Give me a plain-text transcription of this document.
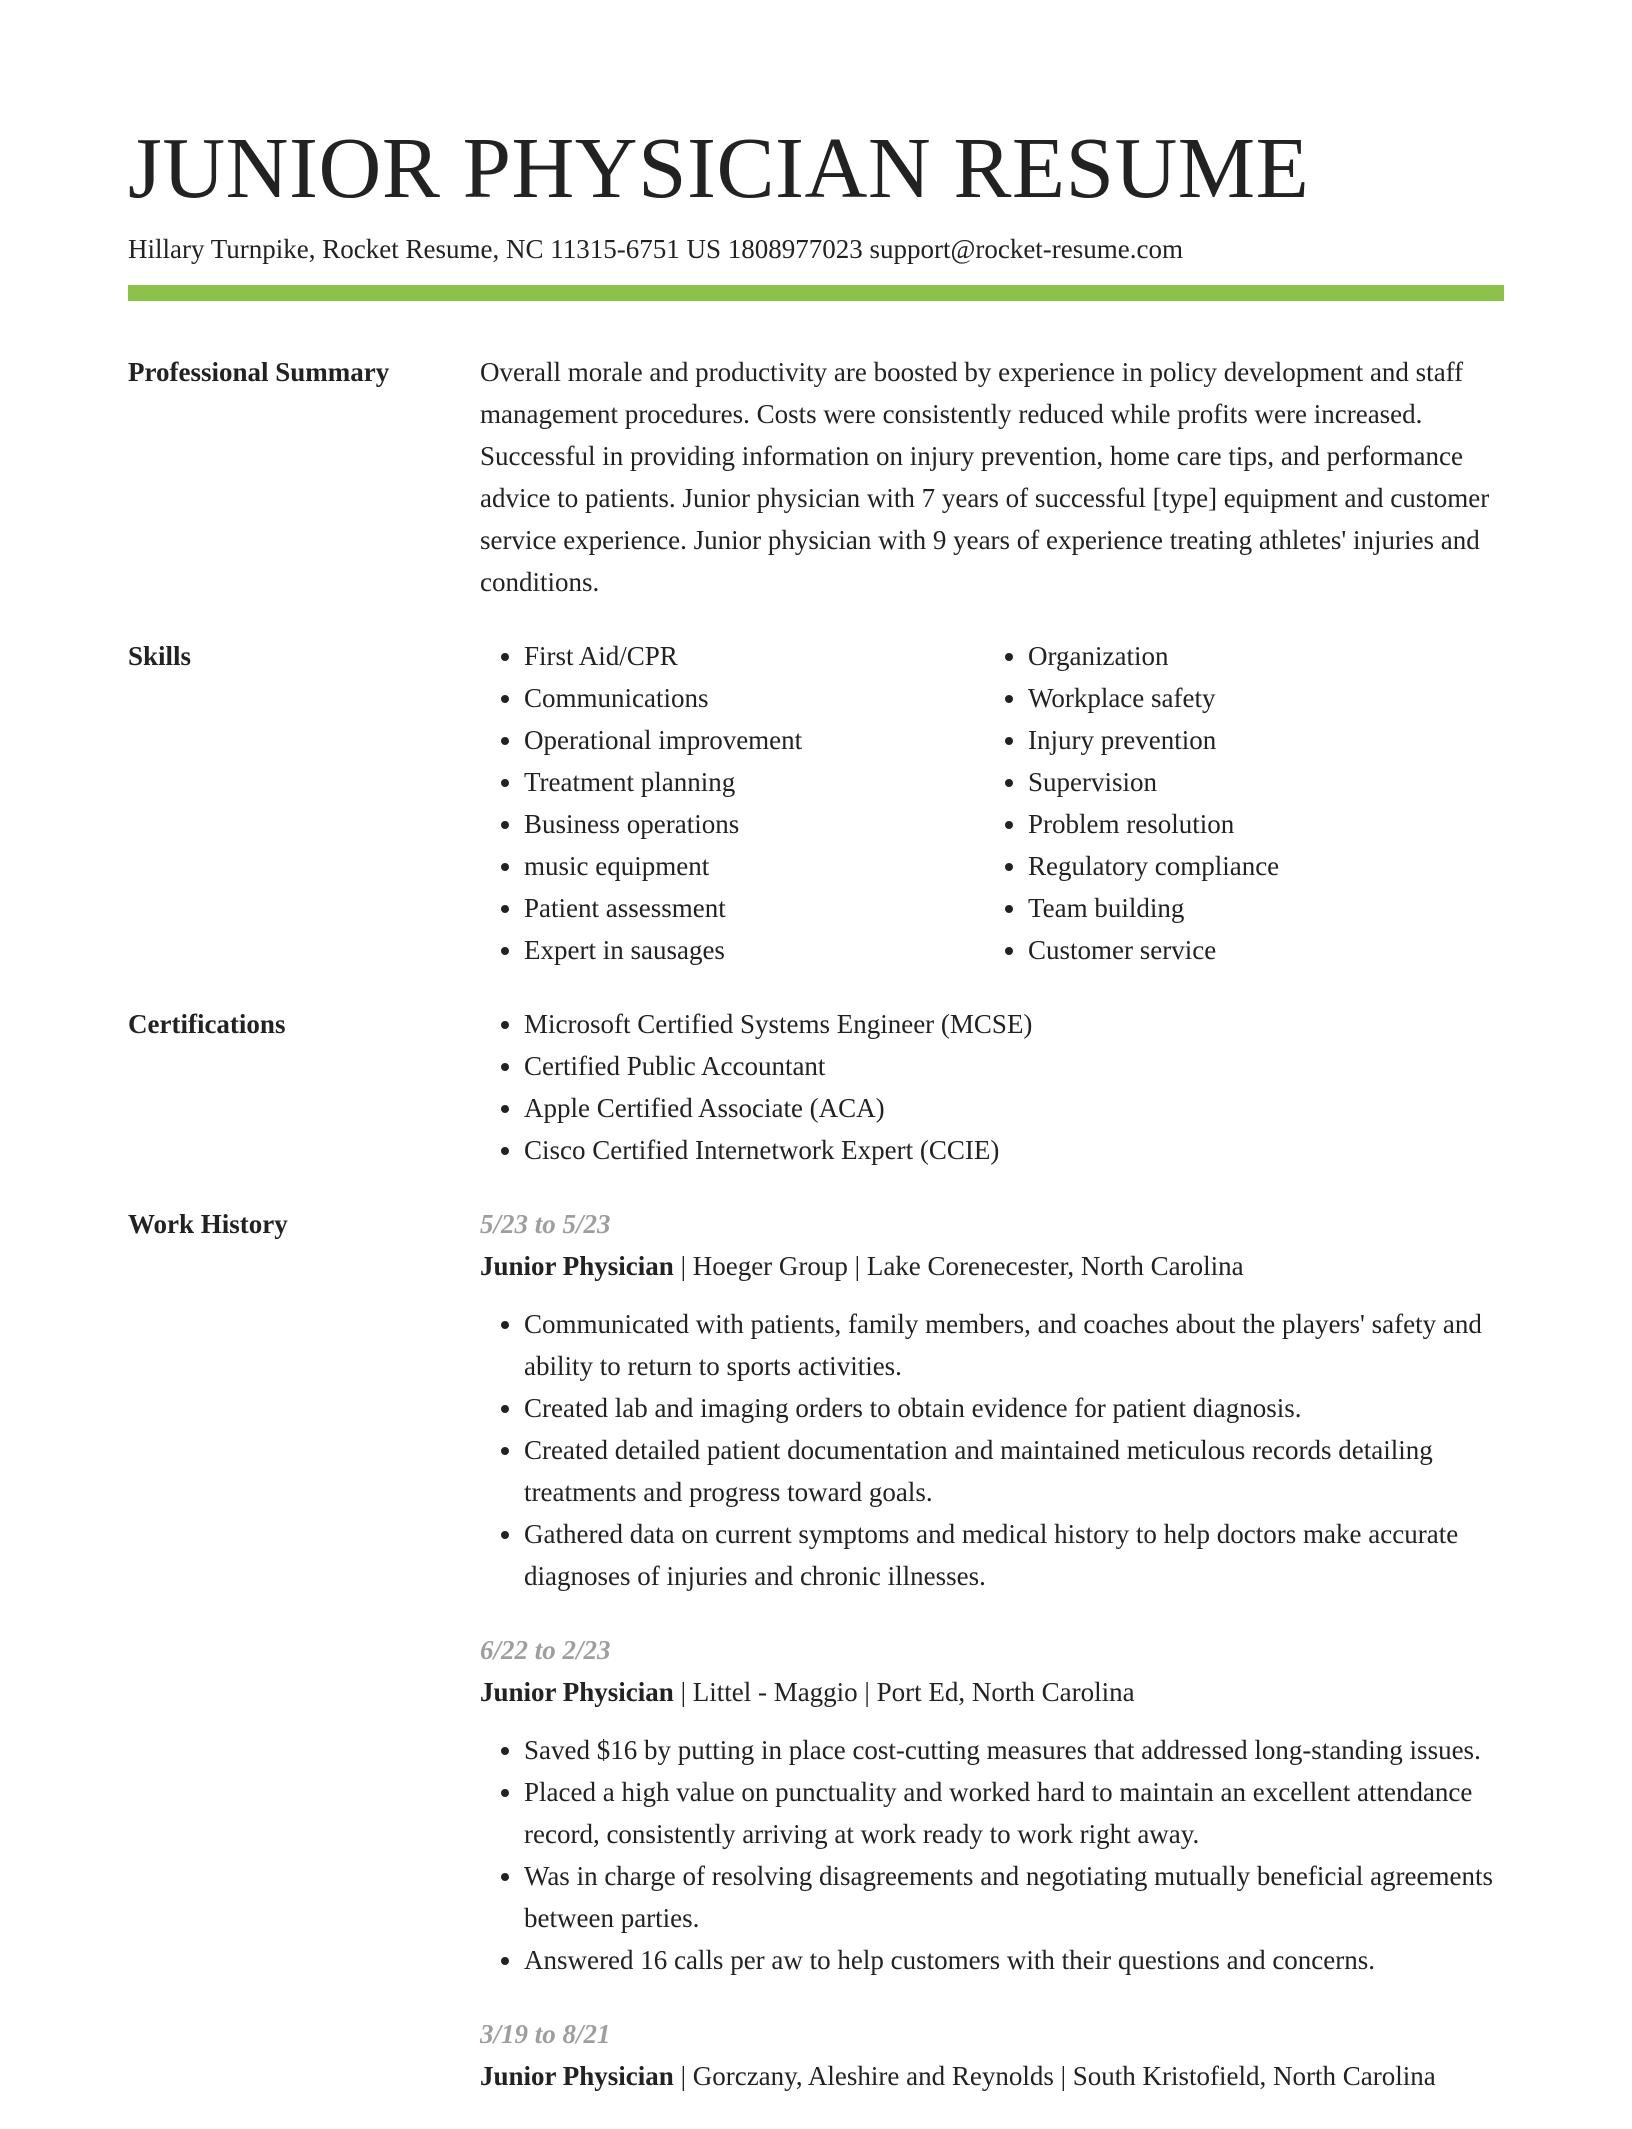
JUNIOR PHYSICIAN RESUME
Hillary Turnpike, Rocket Resume, NC 11315-6751 US 1808977023 support@rocket-resume.com
Professional Summary	Overall morale and productivity are boosted by experience in policy development and staff management procedures. Costs were consistently reduced while profits were increased. Successful in providing information on injury prevention, home care tips, and performance advice to patients. Junior physician with 7 years of successful [type] equipment and customer service experience. Junior physician with 9 years of experience treating athletes' injuries and conditions.

Skills	• First Aid/CPR
• Communications
• Operational improvement
• Treatment planning
• Business operations
• music equipment
• Patient assessment
• Expert in sausages
• Organization
• Workplace safety
• Injury prevention
• Supervision
• Problem resolution
• Regulatory compliance
• Team building
• Customer service
Certifications	• Microsoft Certified Systems Engineer (MCSE)
• Certified Public Accountant
• Apple Certified Associate (ACA)
• Cisco Certified Internetwork Expert (CCIE)
Work History	5/23 to 5/23
Junior Physician | Hoeger Group | Lake Corenecester, North Carolina
• Communicated with patients, family members, and coaches about the players' safety and ability to return to sports activities.
• Created lab and imaging orders to obtain evidence for patient diagnosis.
• Created detailed patient documentation and maintained meticulous records detailing treatments and progress toward goals.
• Gathered data on current symptoms and medical history to help doctors make accurate diagnoses of injuries and chronic illnesses.
6/22 to 2/23
Junior Physician | Littel - Maggio | Port Ed, North Carolina
• Saved $16 by putting in place cost-cutting measures that addressed long-standing issues.
• Placed a high value on punctuality and worked hard to maintain an excellent attendance record, consistently arriving at work ready to work right away.
• Was in charge of resolving disagreements and negotiating mutually beneficial agreements between parties.
• Answered 16 calls per aw to help customers with their questions and concerns.
3/19 to 8/21
Junior Physician | Gorczany, Aleshire and Reynolds | South Kristofield, North Carolina
